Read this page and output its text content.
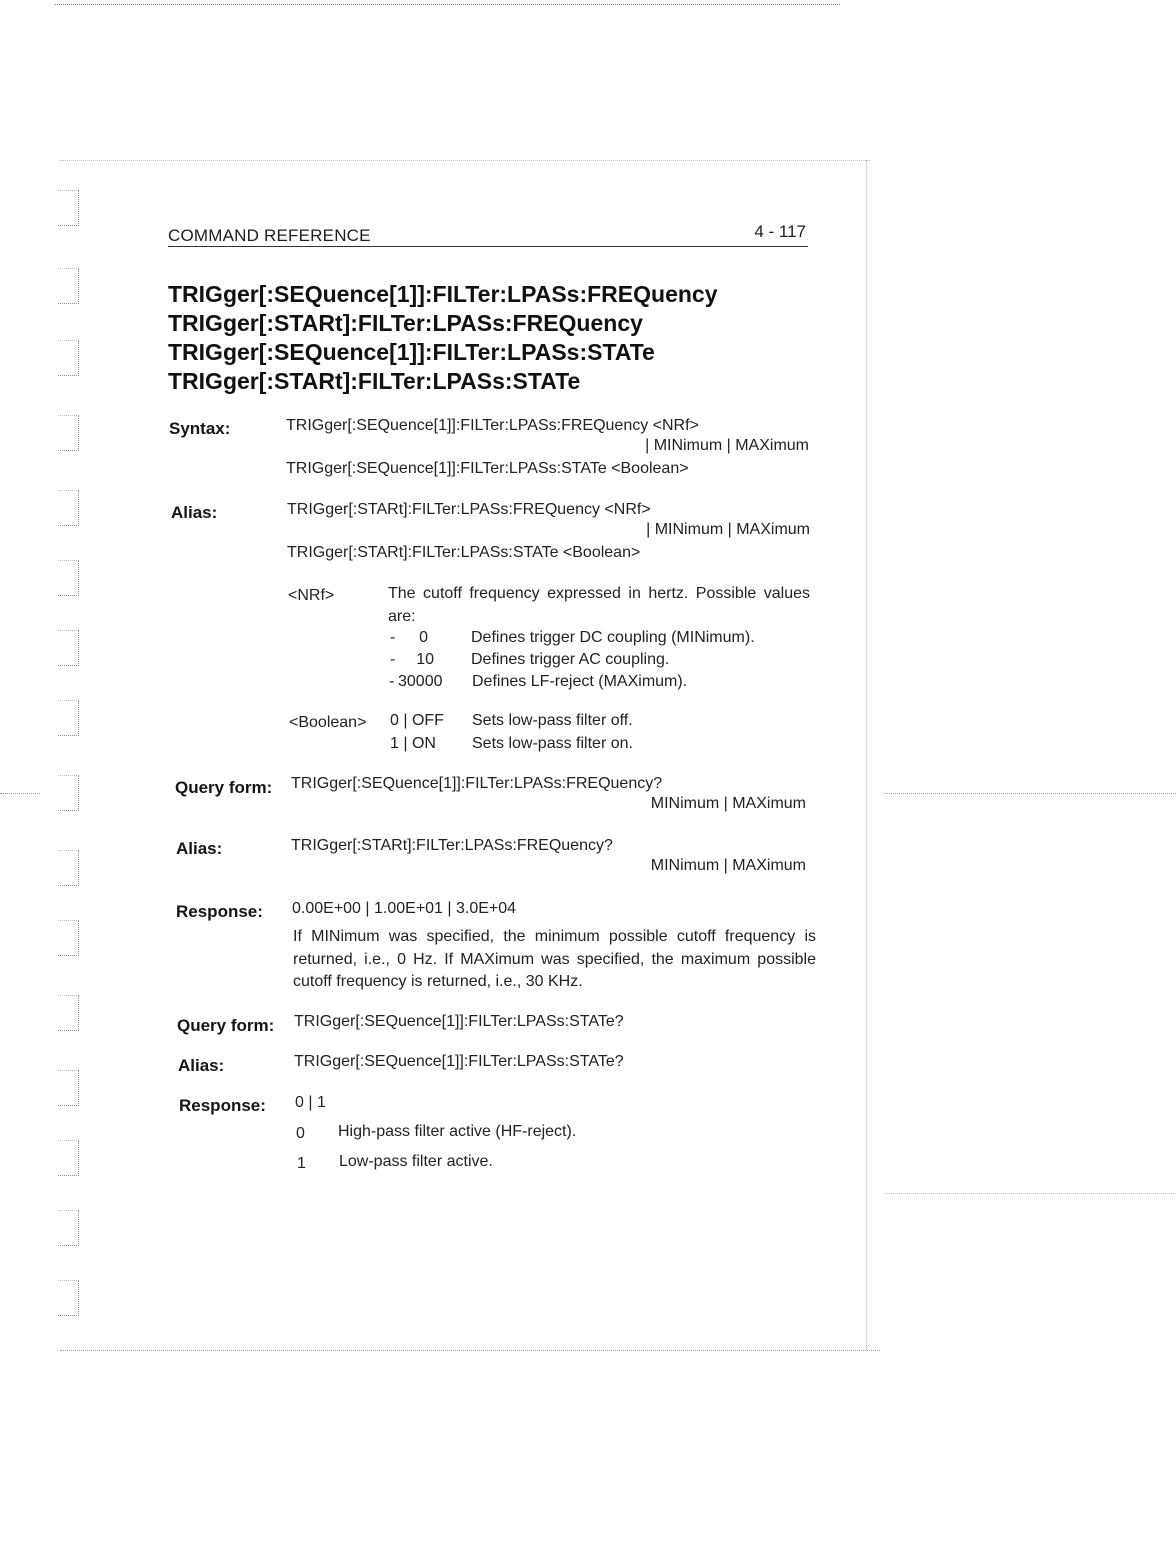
COMMAND REFERENCE	4 - 117
TRIGger[:SEQuence[1]]:FILTer:LPASs:FREQuency
TRIGger[:STARt]:FILTer:LPASs:FREQuency
TRIGger[:SEQuence[1]]:FILTer:LPASs:STATe
TRIGger[:STARt]:FILTer:LPASs:STATe
Syntax:	TRIGger[:SEQuence[1]]:FILTer:LPASs:FREQuency <NRf>
| MINimum | MAXimum
TRIGger[:SEQuence[1]]:FILTer:LPASs:STATe <Boolean>
Alias:	TRIGger[:STARt]:FILTer:LPASs:FREQuency <NRf>
| MINimum | MAXimum
TRIGger[:STARt]:FILTer:LPASs:STATe <Boolean>
<NRf>	The cutoff frequency expressed in hertz. Possible values are:
- 0	Defines trigger DC coupling (MINimum).
- 10 Defines trigger AC coupling.
- 30000 Defines LF-reject (MAXimum).
<Boolean> 0 | OFF Sets low-pass filter off.
1 | ON Sets low-pass filter on.
Query form: TRIGger[:SEQuence[1]]:FILTer:LPASs:FREQuency?
MINimum | MAXimum
Alias:	TRIGger[:STARt]:FILTer:LPASs:FREQuency?
MINimum | MAXimum
Response: 0.00E+00 | 1.00E+01 | 3.0E+04
If MINimum was specified, the minimum possible cutoff frequency is returned, i.e., 0 Hz. If MAXimum was specified, the maximum possible cutoff frequency is returned, i.e., 30 KHz.
Query form: TRIGger[:SEQuence[1]]:FILTer:LPASs:STATe?
Alias:	TRIGger[:SEQuence[1]]:FILTer:LPASs:STATe?
Response: 0 | 1
0 High-pass filter active (HF-reject).
1 Low-pass filter active.
